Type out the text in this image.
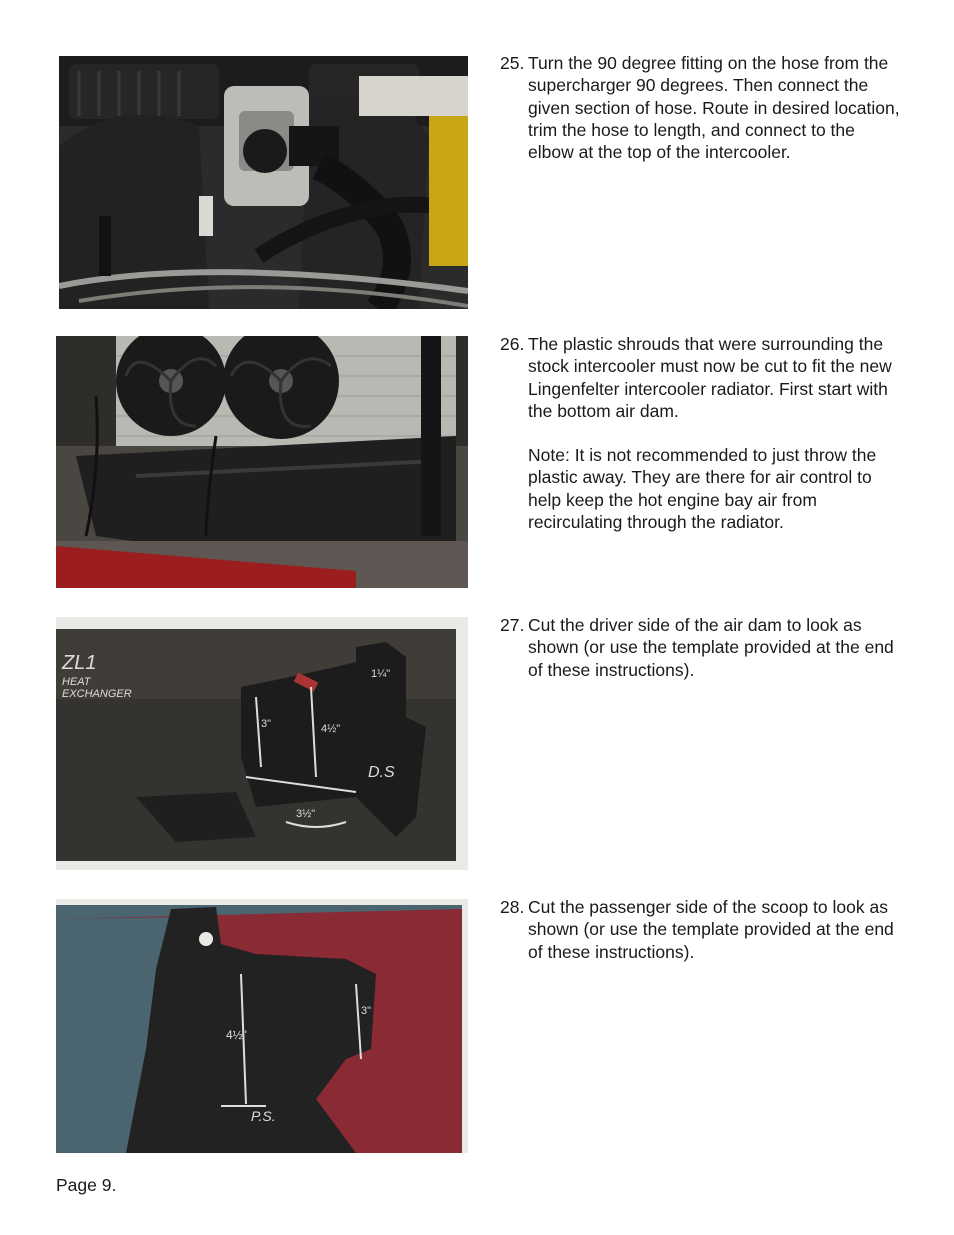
25. Turn the 90 degree fitting on the hose from the supercharger 90 degrees. Then connect the given section of hose. Route in desired location, trim the hose to length, and connect to the elbow at the top of the intercooler.

26. The plastic shrouds that were surrounding the stock intercooler must now be cut to fit the new Lingenfelter intercooler radiator. First start with the bottom air dam.

Note: It is not recommended to just throw the plastic away. They are there for air control to help keep the hot engine bay air from recirculating through the radiator.

ZL1
HEAT
EXCHANGER
D.S
3"	4½"
3½"
1¼"
27. Cut the driver side of the air dam to look as shown (or use the template provided at the end of these instructions).

4½"
3"
P.S.
28. Cut the passenger side of the scoop to look as shown (or use the template provided at the end of these instructions).

Page 9.
